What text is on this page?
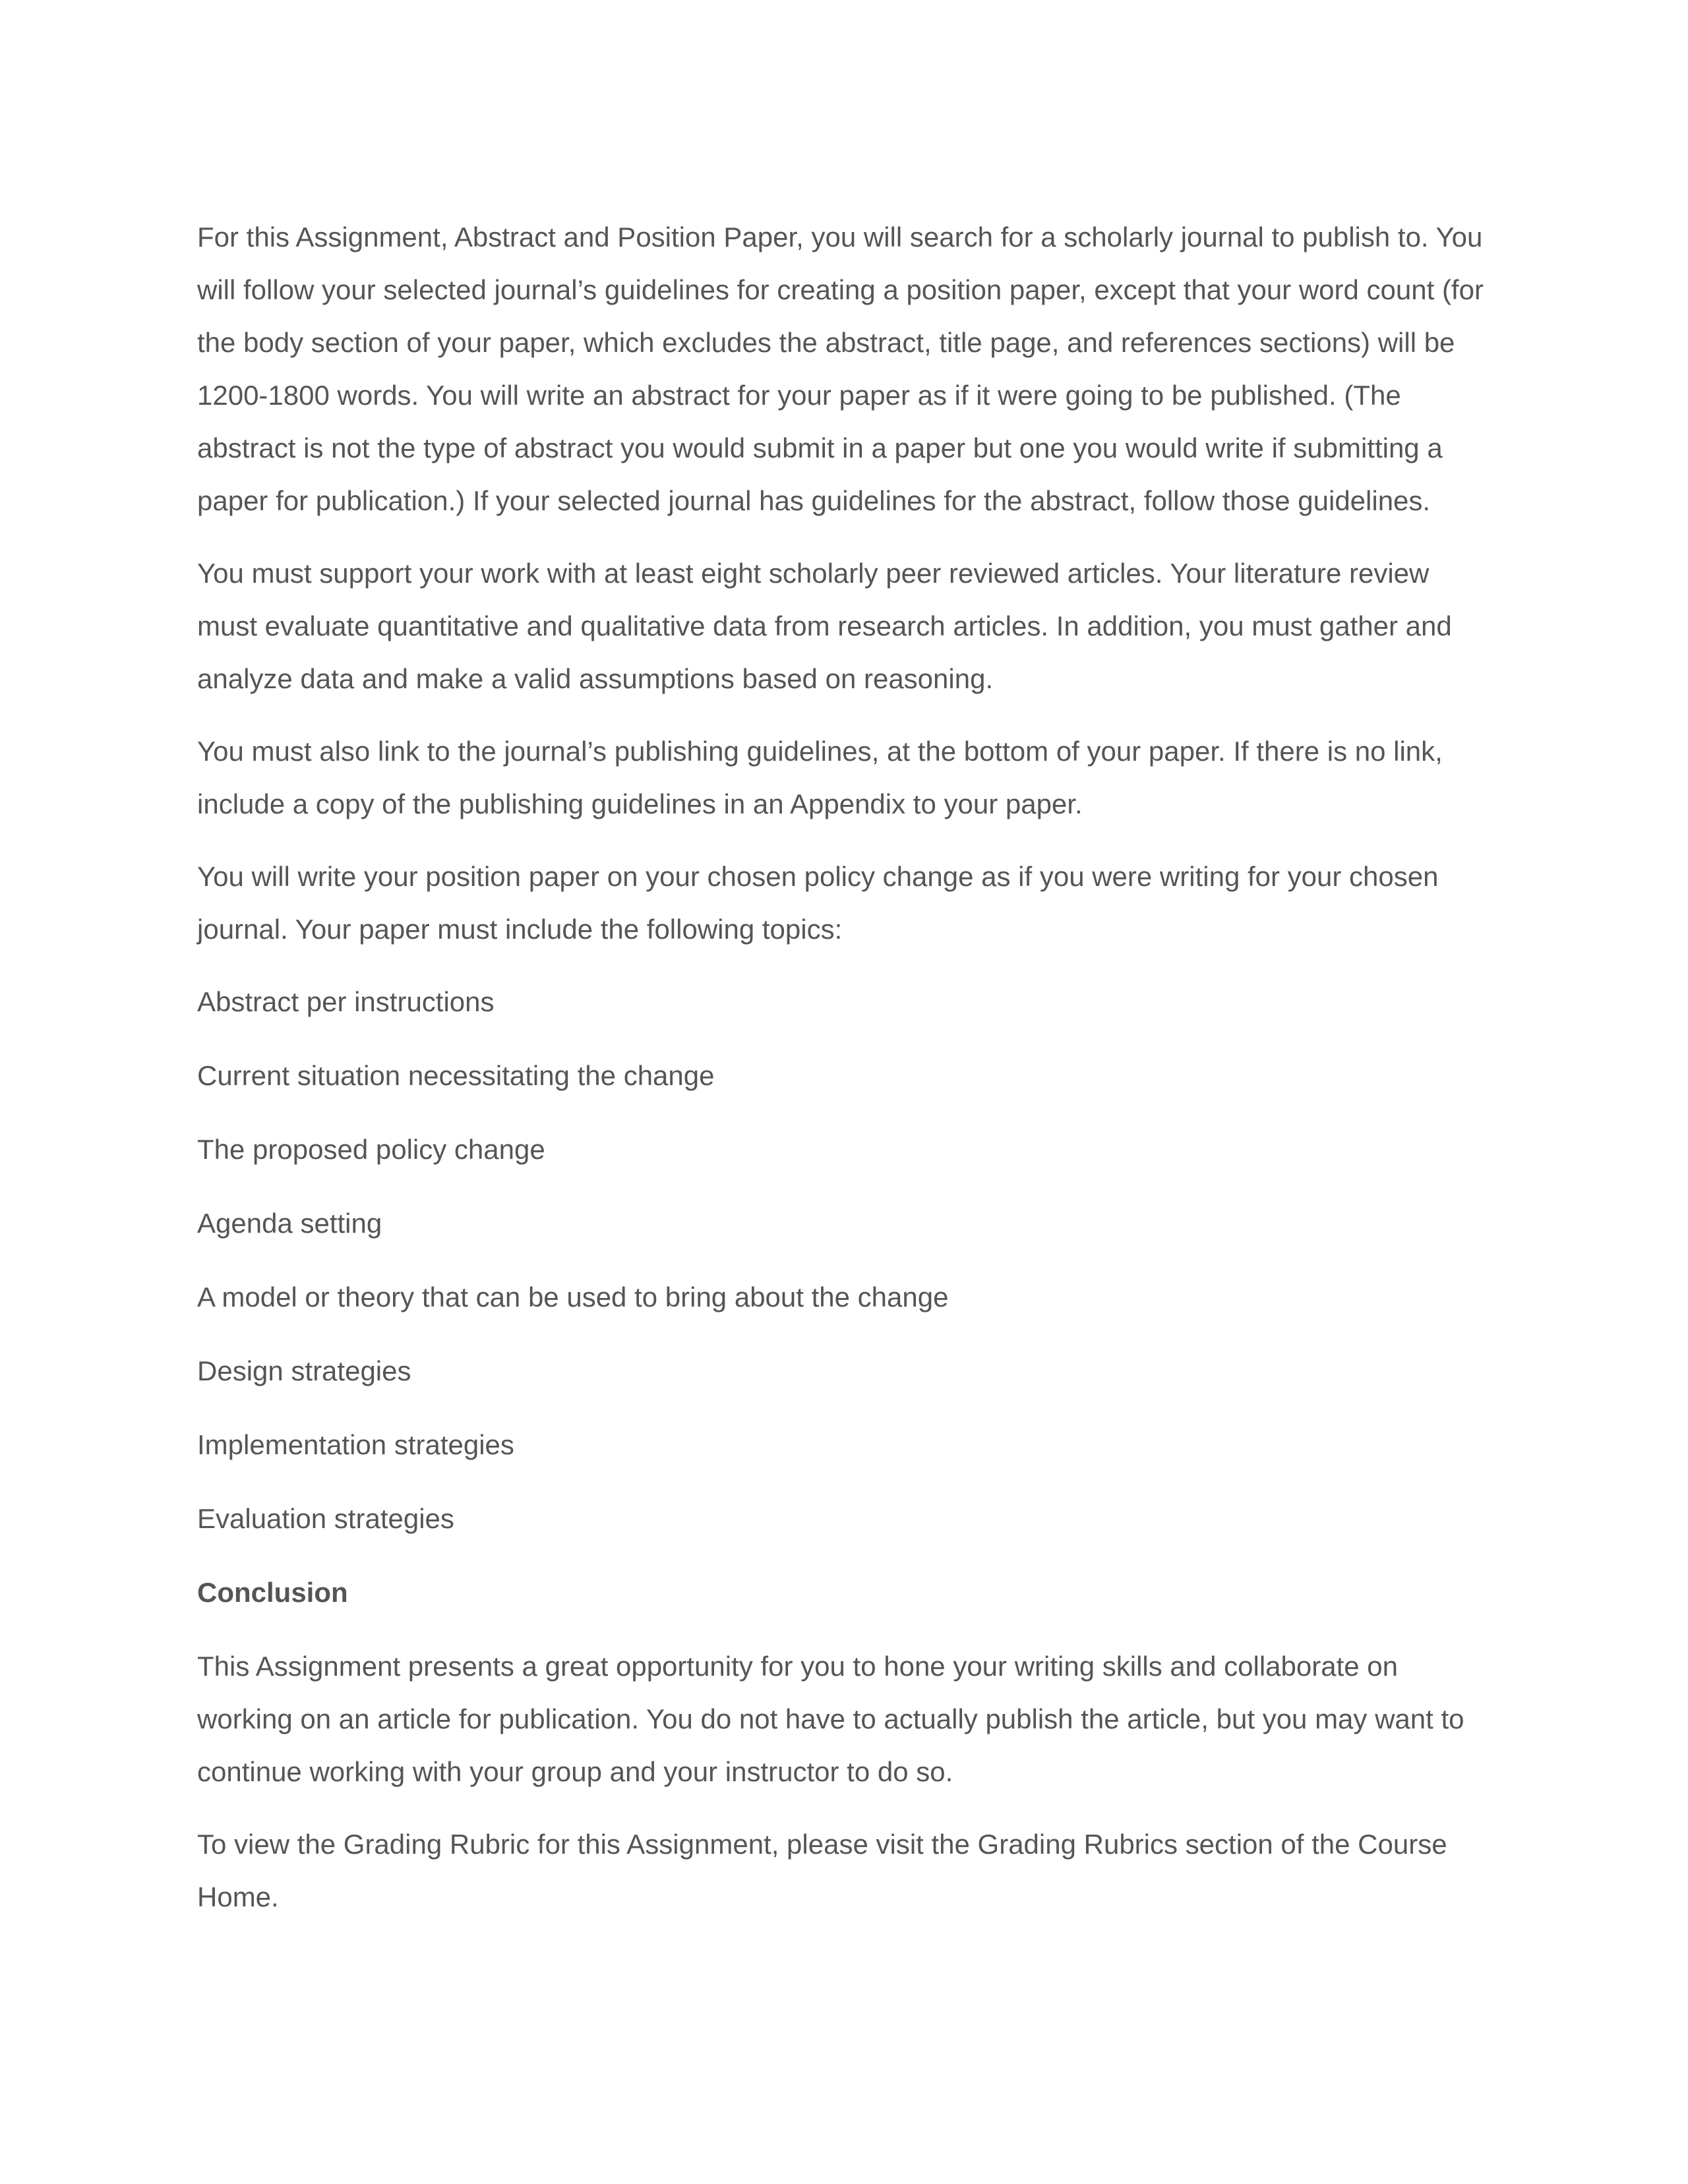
For this Assignment, Abstract and Position Paper, you will search for a scholarly journal to publish to. You will follow your selected journal’s guidelines for creating a position paper, except that your word count (for the body section of your paper, which excludes the abstract, title page, and references sections) will be 1200-1800 words. You will write an abstract for your paper as if it were going to be published. (The abstract is not the type of abstract you would submit in a paper but one you would write if submitting a paper for publication.) If your selected journal has guidelines for the abstract, follow those guidelines.

You must support your work with at least eight scholarly peer reviewed articles. Your literature review must evaluate quantitative and qualitative data from research articles. In addition, you must gather and analyze data and make a valid assumptions based on reasoning.

You must also link to the journal’s publishing guidelines, at the bottom of your paper. If there is no link, include a copy of the publishing guidelines in an Appendix to your paper.

You will write your position paper on your chosen policy change as if you were writing for your chosen journal. Your paper must include the following topics:

Abstract per instructions

Current situation necessitating the change

The proposed policy change

Agenda setting

A model or theory that can be used to bring about the change

Design strategies

Implementation strategies

Evaluation strategies

Conclusion

This Assignment presents a great opportunity for you to hone your writing skills and collaborate on working on an article for publication. You do not have to actually publish the article, but you may want to continue working with your group and your instructor to do so.

To view the Grading Rubric for this Assignment, please visit the Grading Rubrics section of the Course Home.
